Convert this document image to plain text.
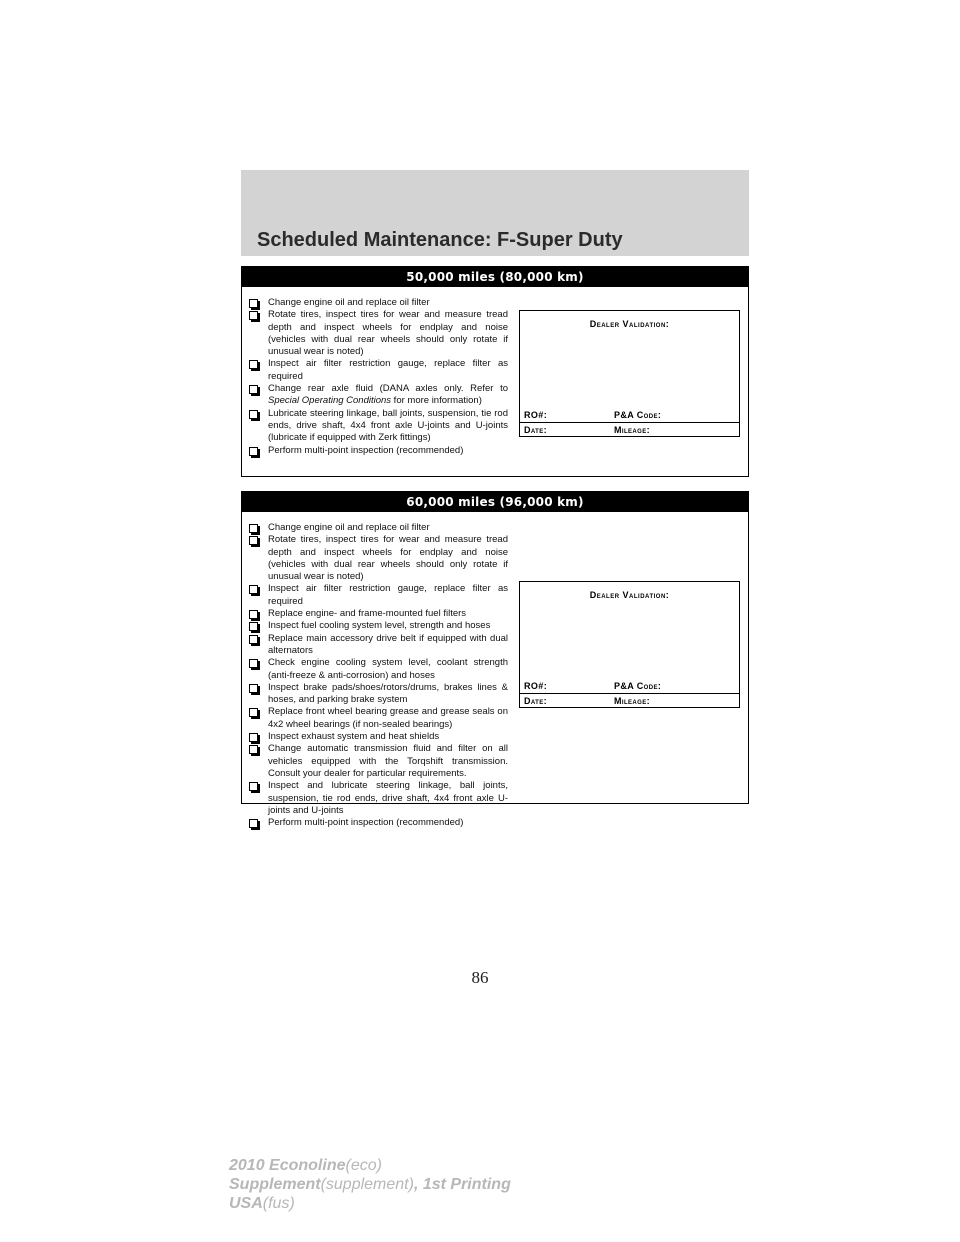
Scheduled Maintenance: F-Super Duty
50,000 miles (80,000 km)
Change engine oil and replace oil filter
Rotate tires, inspect tires for wear and measure tread depth and inspect wheels for endplay and noise (vehicles with dual rear wheels should only rotate if unusual wear is noted)
Inspect air filter restriction gauge, replace filter as required
Change rear axle fluid (DANA axles only. Refer to Special Operating Conditions for more information)
Lubricate steering linkage, ball joints, suspension, tie rod ends, drive shaft, 4x4 front axle U-joints and U-joints (lubricate if equipped with Zerk fittings)
Perform multi-point inspection (recommended)
Dealer Validation:
RO#:	P&A Code:
Date:	Mileage:
60,000 miles (96,000 km)
Change engine oil and replace oil filter
Rotate tires, inspect tires for wear and measure tread depth and inspect wheels for endplay and noise (vehicles with dual rear wheels should only rotate if unusual wear is noted)
Inspect air filter restriction gauge, replace filter as required
Replace engine- and frame-mounted fuel filters
Inspect fuel cooling system level, strength and hoses
Replace main accessory drive belt if equipped with dual alternators
Check engine cooling system level, coolant strength (anti-freeze & anti-corrosion) and hoses
Inspect brake pads/shoes/rotors/drums, brakes lines & hoses, and parking brake system
Replace front wheel bearing grease and grease seals on 4x2 wheel bearings (if non-sealed bearings)
Inspect exhaust system and heat shields
Change automatic transmission fluid and filter on all vehicles equipped with the Torqshift transmission. Consult your dealer for particular requirements.
Inspect and lubricate steering linkage, ball joints, suspension, tie rod ends, drive shaft, 4x4 front axle U-joints and U-joints
Perform multi-point inspection (recommended)
Dealer Validation:
RO#:	P&A Code:
Date:	Mileage:
86
2010 Econoline(eco)
Supplement(supplement), 1st Printing
USA(fus)
